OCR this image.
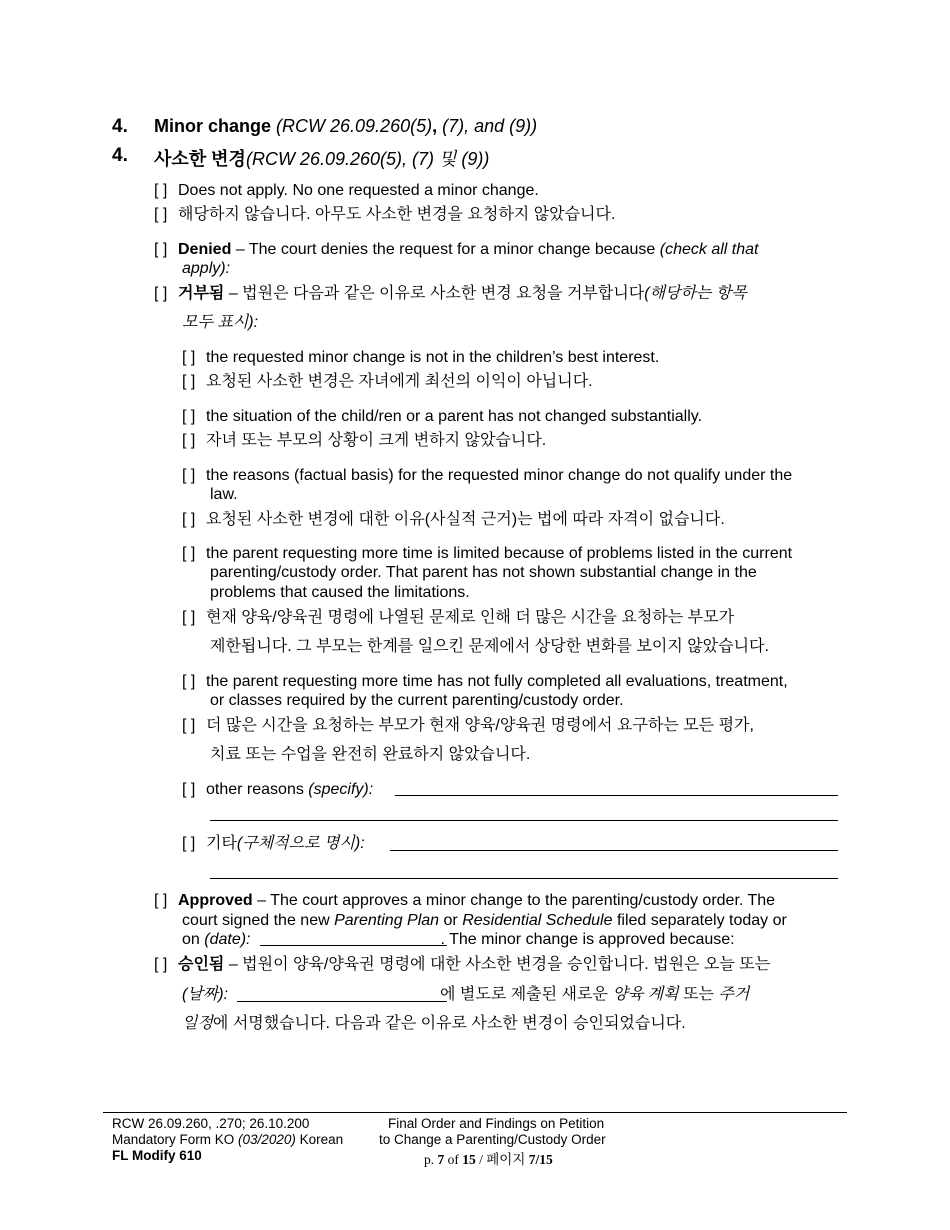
4. Minor change (RCW 26.09.260(5), (7), and (9))
4. 사소한 변경(RCW 26.09.260(5), (7) 및 (9))
[ ] Does not apply. No one requested a minor change.
[ ] 해당하지 않습니다. 아무도 사소한 변경을 요청하지 않았습니다.
[ ] Denied – The court denies the request for a minor change because (check all that
apply):
[ ] 거부됨 – 법원은 다음과 같은 이유로 사소한 변경 요청을 거부합니다(해당하는 항목
모두 표시):
[ ] the requested minor change is not in the children’s best interest.
[ ] 요청된 사소한 변경은 자녀에게 최선의 이익이 아닙니다.
[ ] the situation of the child/ren or a parent has not changed substantially.
[ ] 자녀 또는 부모의 상황이 크게 변하지 않았습니다.
[ ] the reasons (factual basis) for the requested minor change do not qualify under the
law.
[ ] 요청된 사소한 변경에 대한 이유(사실적 근거)는 법에 따라 자격이 없습니다.
[ ] the parent requesting more time is limited because of problems listed in the current
parenting/custody order. That parent has not shown substantial change in the
problems that caused the limitations.
[ ] 현재 양육/양육권 명령에 나열된 문제로 인해 더 많은 시간을 요청하는 부모가
제한됩니다. 그 부모는 한계를 일으킨 문제에서 상당한 변화를 보이지 않았습니다.
[ ] the parent requesting more time has not fully completed all evaluations, treatment,
or classes required by the current parenting/custody order.
[ ] 더 많은 시간을 요청하는 부모가 현재 양육/양육권 명령에서 요구하는 모든 평가,
치료 또는 수업을 완전히 완료하지 않았습니다.
[ ] other reasons (specify):
[ ] 기타(구체적으로 명시):
[ ] Approved – The court approves a minor change to the parenting/custody order. The
court signed the new Parenting Plan or Residential Schedule filed separately today or
on (date):	. The minor change is approved because:
[ ] 승인됨 – 법원이 양육/양육권 명령에 대한 사소한 변경을 승인합니다. 법원은 오늘 또는
(날짜):	에 별도로 제출된 새로운 양육 계획 또는 주거
일정에 서명했습니다. 다음과 같은 이유로 사소한 변경이 승인되었습니다.
RCW 26.09.260, .270; 26.10.200
Mandatory Form KO (03/2020) Korean
FL Modify 610
Final Order and Findings on Petition
to Change a Parenting/Custody Order
p. 7 of 15 / 페이지 7/15
